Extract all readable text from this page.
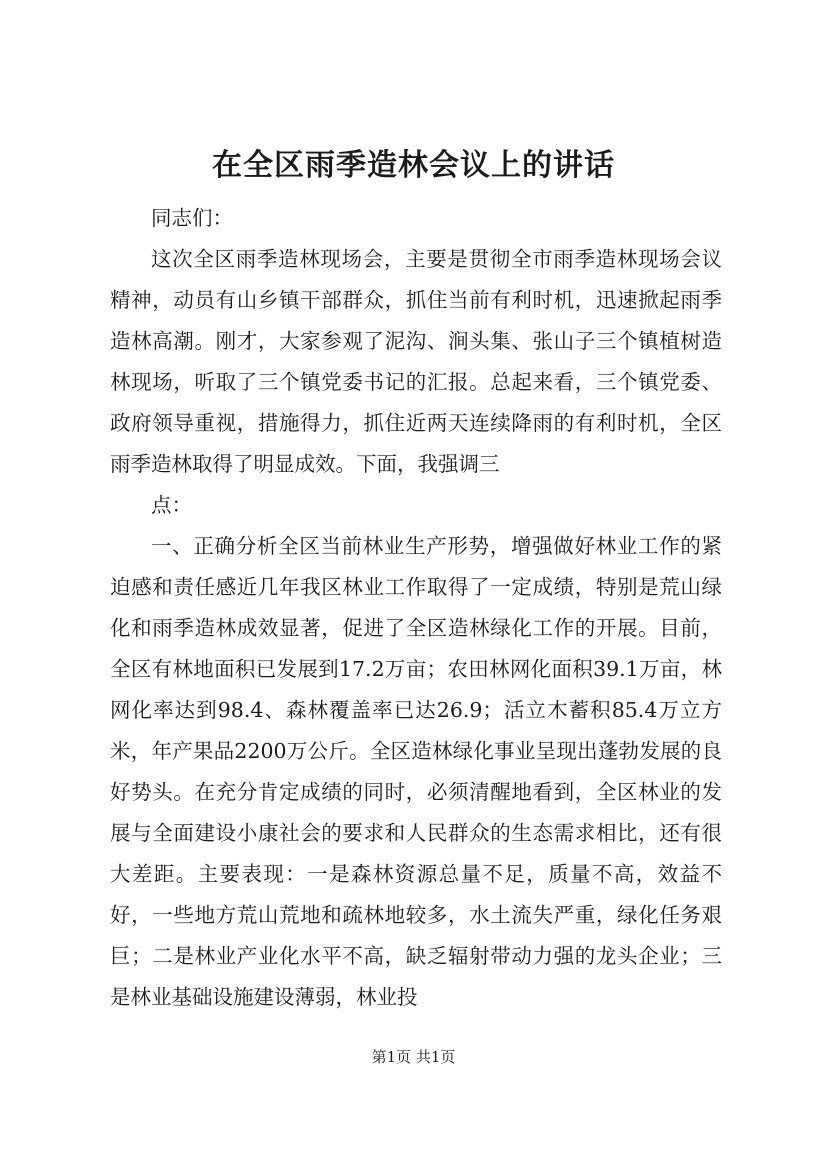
在全区雨季造林会议上的讲话

同志们：

这次全区雨季造林现场会，主要是贯彻全市雨季造林现场会议精神，动员有山乡镇干部群众，抓住当前有利时机，迅速掀起雨季造林高潮。刚才，大家参观了泥沟、涧头集、张山子三个镇植树造林现场，听取了三个镇党委书记的汇报。总起来看，三个镇党委、政府领导重视，措施得力，抓住近两天连续降雨的有利时机，全区雨季造林取得了明显成效。下面，我强调三

点：

一、正确分析全区当前林业生产形势，增强做好林业工作的紧迫感和责任感近几年我区林业工作取得了一定成绩，特别是荒山绿化和雨季造林成效显著，促进了全区造林绿化工作的开展。目前，全区有林地面积已发展到17.2万亩；农田林网化面积39.1万亩，林网化率达到98.4、森林覆盖率已达26.9；活立木蓄积85.4万立方米，年产果品2200万公斤。全区造林绿化事业呈现出蓬勃发展的良好势头。在充分肯定成绩的同时，必须清醒地看到，全区林业的发展与全面建设小康社会的要求和人民群众的生态需求相比，还有很大差距。主要表现：一是森林资源总量不足，质量不高，效益不好，一些地方荒山荒地和疏林地较多，水土流失严重，绿化任务艰巨；二是林业产业化水平不高，缺乏辐射带动力强的龙头企业；三是林业基础设施建设薄弱，林业投

第1页 共1页
